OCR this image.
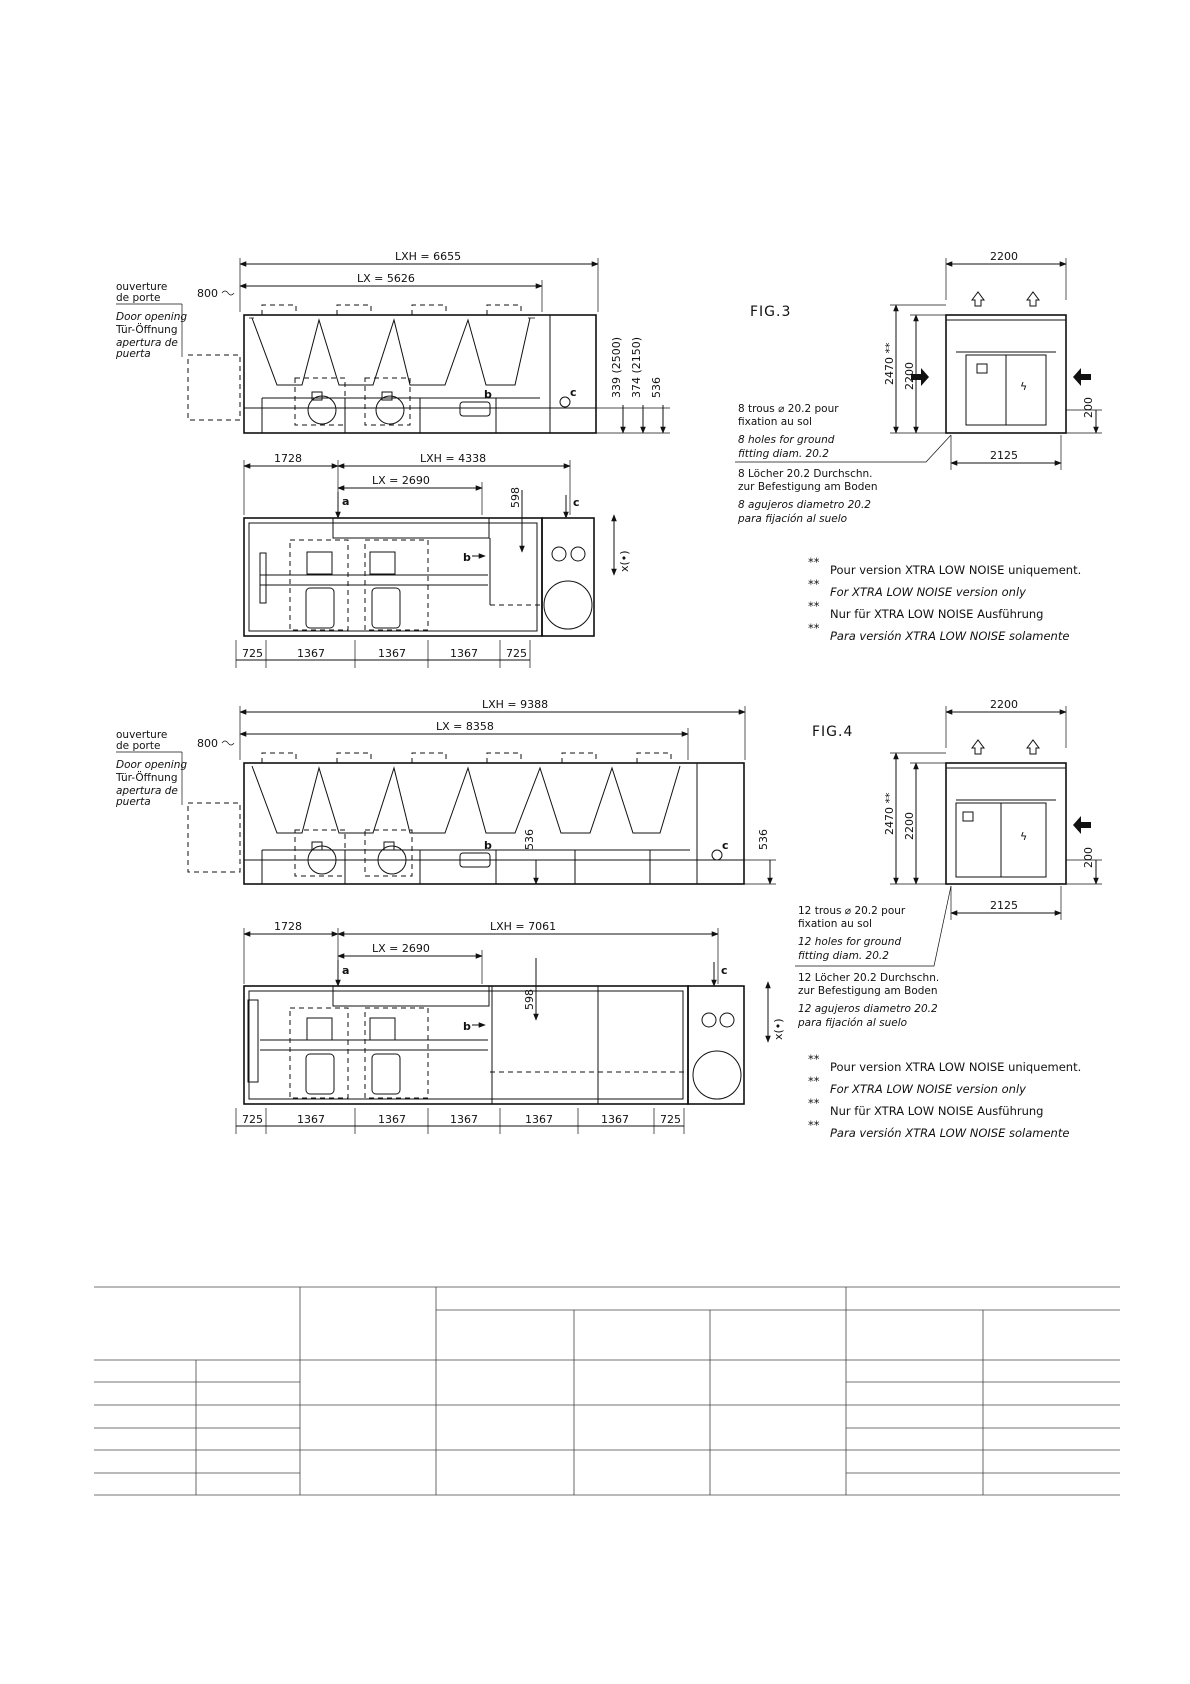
ouverture
de porte
Door opening
Tür-Öffnung
apertura de
puerta
800
LXH = 6655
LX = 5626
b	c	339 (2500) 374 (2150) 536
1728	LXH = 4338
LX = 2690
a
b
598	c
x(•)
725	1367	1367	1367	725
FIG.3
2200
ϟ
2470 ** 2200
200
2125
8 trous ⌀ 20.2 pour
fixation au sol
8 holes for ground
fitting diam. 20.2
8 Löcher 20.2 Durchschn.
zur Befestigung am Boden
8 agujeros diametro 20.2
para fijación al suelo
**
Pour version XTRA LOW NOISE uniquement.
**
For XTRA LOW NOISE version only
**
Nur für XTRA LOW NOISE Ausführung
**
Para versión XTRA LOW NOISE solamente
ouverture
de porte
Door opening
Tür-Öffnung
apertura de
puerta
800
LXH = 9388
LX = 8358
b	c
536	536
1728	LXH = 7061
LX = 2690
a
b
598
c
x(•)
725	1367	1367	1367	1367	1367	725
FIG.4
2200
ϟ
2470 ** 2200
200
2125
12 trous ⌀ 20.2 pour
fixation au sol
12 holes for ground
fitting diam. 20.2
12 Löcher 20.2 Durchschn.
zur Befestigung am Boden
12 agujeros diametro 20.2
para fijación al suelo
**
Pour version XTRA LOW NOISE uniquement.
**
For XTRA LOW NOISE version only
**
Nur für XTRA LOW NOISE Ausführung
**
Para versión XTRA LOW NOISE solamente
